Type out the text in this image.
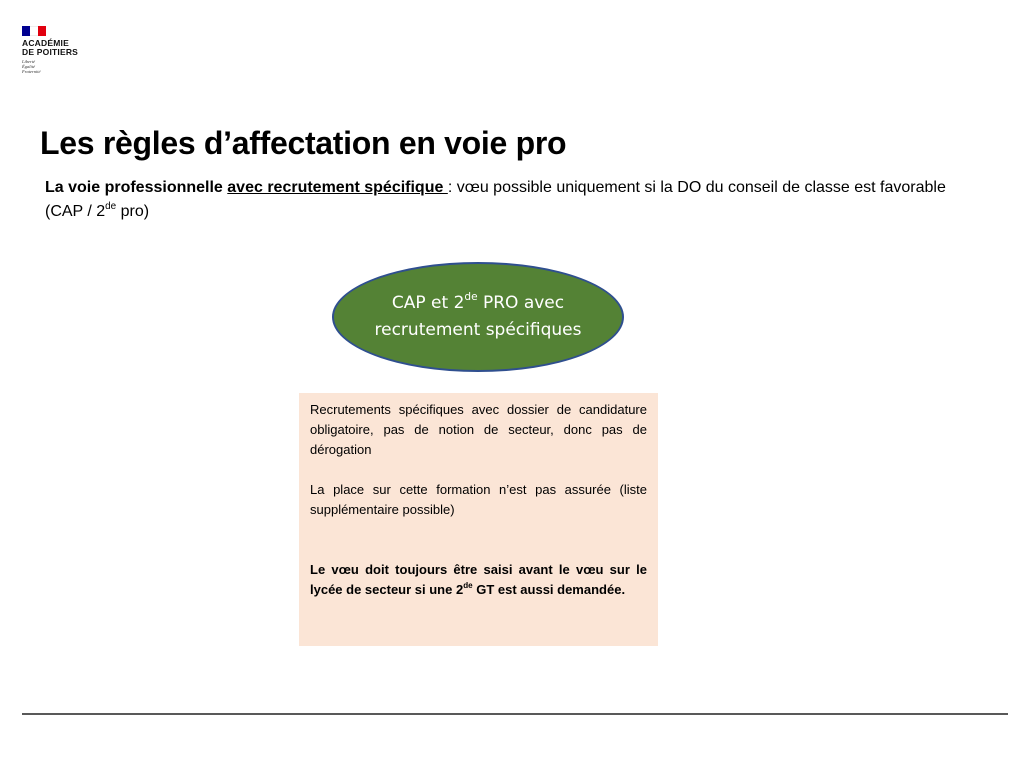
ACADÉMIE
DE POITIERS
Liberté
Égalité
Fraternité
Les règles d’affectation en voie pro
La voie professionnelle avec recrutement spécifique : vœu possible uniquement si la DO du conseil de classe est favorable (CAP / 2de pro)
CAP et 2de PRO avec recrutement spécifiques

Recrutements spécifiques avec dossier de candidature obligatoire, pas de notion de secteur, donc pas de dérogation

La place sur cette formation n’est pas assurée (liste supplémentaire possible)

Le vœu doit toujours être saisi avant le vœu sur le lycée de secteur si une 2de GT est aussi demandée.
